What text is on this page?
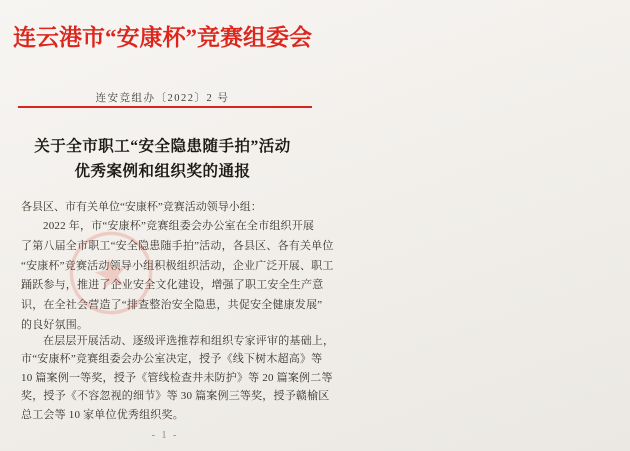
连云港市“安康杯”竞赛组委会
连安竞组办〔2022〕2 号
关于全市职工“安全隐患随手拍”活动
优秀案例和组织奖的通报
各县区、市有关单位“安康杯”竞赛活动领导小组：

2022 年，市“安康杯”竞赛组委会办公室在全市组织开展

了第八届全市职工“安全隐患随手拍”活动，各县区、各有关单位

“安康杯”竞赛活动领导小组积极组织活动，企业广泛开展、职工

踊跃参与，推进了企业安全文化建设，增强了职工安全生产意

识，在全社会营造了“排查整治安全隐患，共促安全健康发展”

的良好氛围。

在层层开展活动、逐级评选推荐和组织专家评审的基础上，

市“安康杯”竞赛组委会办公室决定，授予《线下树木超高》等

10 篇案例一等奖，授予《管线检查井未防护》等 20 篇案例二等

奖，授予《不容忽视的细节》等 30 篇案例三等奖，授予赣榆区

总工会等 10 家单位优秀组织奖。

- 1 -
